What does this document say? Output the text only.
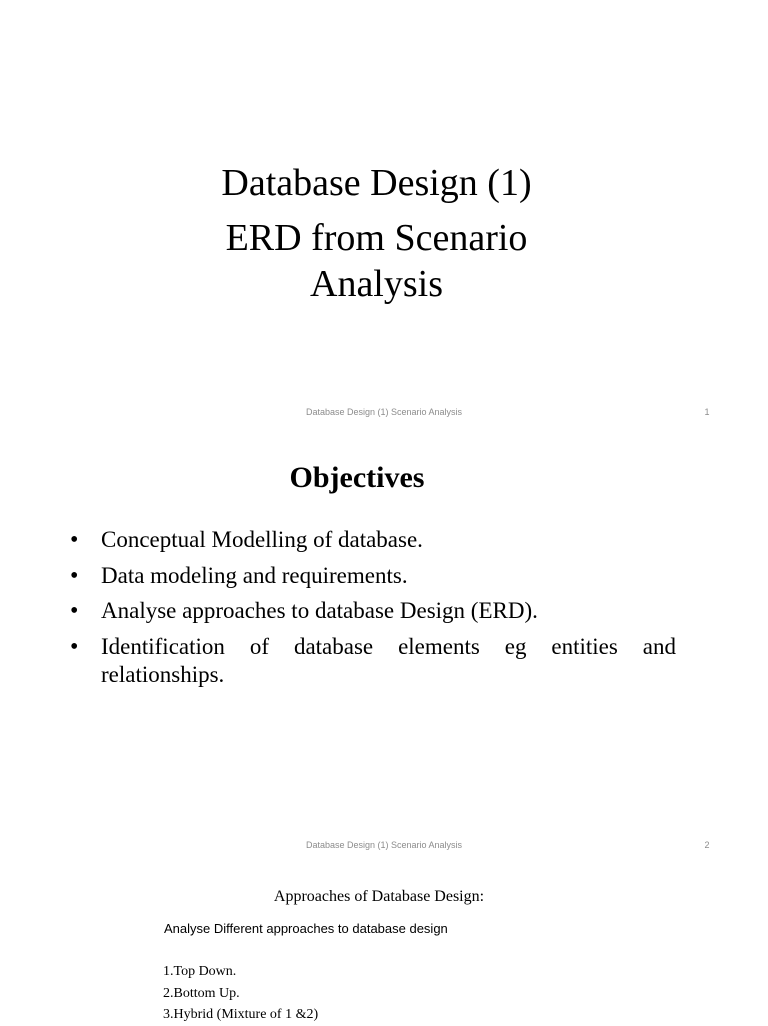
Database Design (1)
ERD from Scenario
Analysis
Database Design (1) Scenario Analysis	1
Objectives
• Conceptual Modelling of database.
• Data modeling and requirements.
• Analyse approaches to database Design (ERD).
• Identification of database elements eg entities and relationships.
Database Design (1) Scenario Analysis	2
Approaches of Database Design:
Analyse Different approaches to database design
1.Top Down.
2.Bottom Up.
3.Hybrid (Mixture of 1 &2)
